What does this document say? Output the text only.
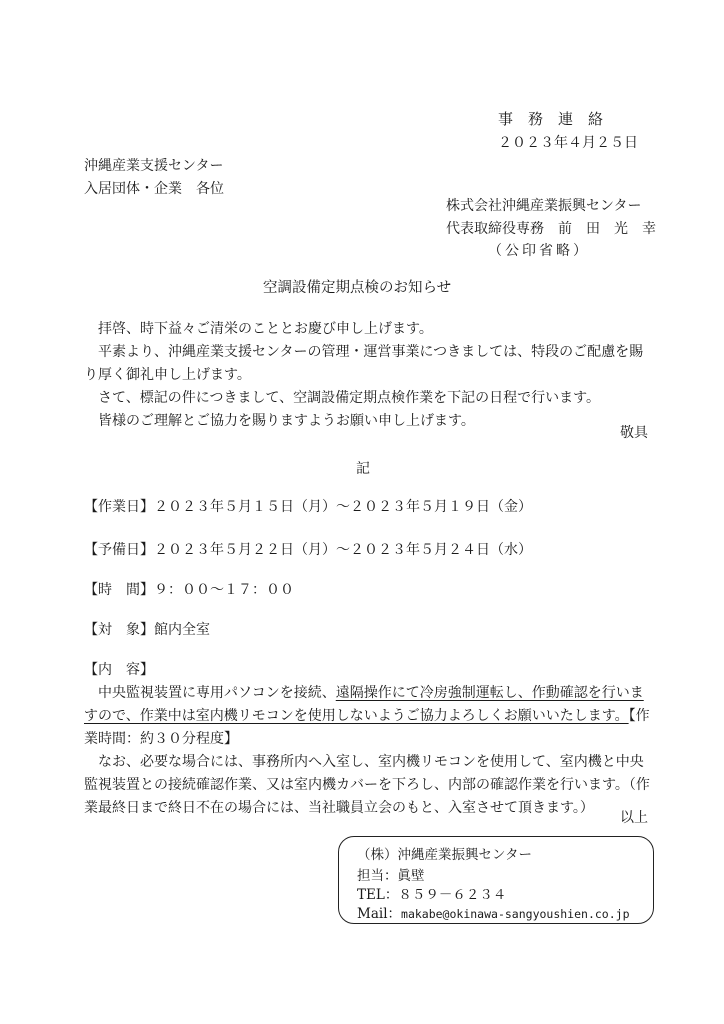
事　務　連　絡
２０２３年４月２５日
沖縄産業支援センター
入居団体・企業　各位
株式会社沖縄産業振興センター
代表取締役専務　前　田　光　幸
（公印省略）
空調設備定期点検のお知らせ
拝啓、時下益々ご清栄のこととお慶び申し上げます。
平素より、沖縄産業支援センターの管理・運営事業につきましては、特段のご配慮を賜り厚く御礼申し上げます。
さて、標記の件につきまして、空調設備定期点検作業を下記の日程で行います。
皆様のご理解とご協力を賜りますようお願い申し上げます。
敬具
記
【作業日】２０２３年５月１５日（月）～２０２３年５月１９日（金）
【予備日】２０２３年５月２２日（月）～２０２３年５月２４日（水）
【時　間】９：００～１７：００
【対　象】館内全室
【内　容】
中央監視装置に専用パソコンを接続、遠隔操作にて冷房強制運転し、作動確認を行いますので、作業中は室内機リモコンを使用しないようご協力よろしくお願いいたします。【作業時間：約３０分程度】
なお、必要な場合には、事務所内へ入室し、室内機リモコンを使用して、室内機と中央監視装置との接続確認作業、又は室内機カバーを下ろし、内部の確認作業を行います。（作業最終日まで終日不在の場合には、当社職員立会のもと、入室させて頂きます。）
以上
（株）沖縄産業振興センター
担当：眞壁
TEL：８５９－６２３４
Mail：makabe@okinawa-sangyoushien.co.jp
